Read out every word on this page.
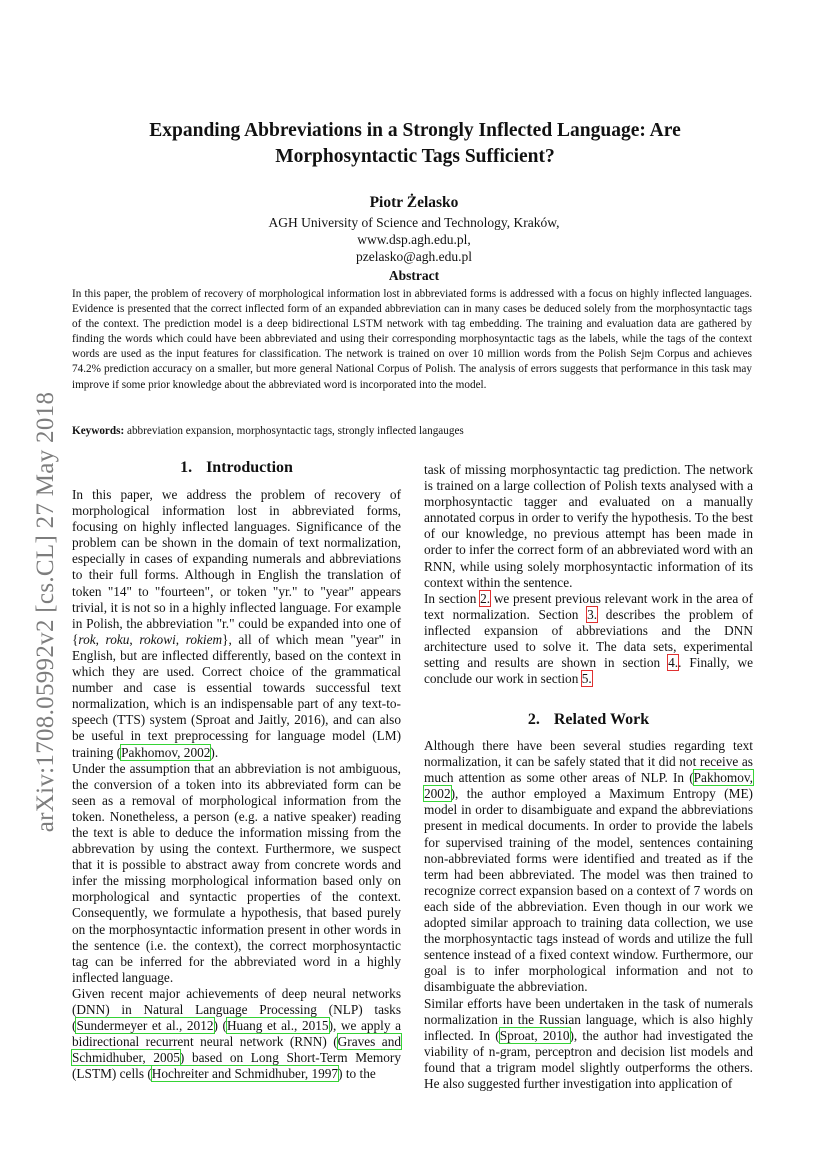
arXiv:1708.05992v2 [cs.CL] 27 May 2018
Expanding Abbreviations in a Strongly Inflected Language: Are
Morphosyntactic Tags Sufficient?
Piotr Żelasko
AGH University of Science and Technology, Kraków,
www.dsp.agh.edu.pl,
pzelasko@agh.edu.pl
Abstract
In this paper, the problem of recovery of morphological information lost in abbreviated forms is addressed with a focus on highly inflected languages. Evidence is presented that the correct inflected form of an expanded abbreviation can in many cases be deduced solely from the morphosyntactic tags of the context. The prediction model is a deep bidirectional LSTM network with tag embedding. The training and evaluation data are gathered by finding the words which could have been abbreviated and using their corresponding morphosyntactic tags as the labels, while the tags of the context words are used as the input features for classification. The network is trained on over 10 million words from the Polish Sejm Corpus and achieves 74.2% prediction accuracy on a smaller, but more general National Corpus of Polish. The analysis of errors suggests that performance in this task may improve if some prior knowledge about the abbreviated word is incorporated into the model.
Keywords: abbreviation expansion, morphosyntactic tags, strongly inflected langauges
1. Introduction

In this paper, we address the problem of recovery of morphological information lost in abbreviated forms, focusing on highly inflected languages. Significance of the problem can be shown in the domain of text normalization, especially in cases of expanding numerals and abbreviations to their full forms. Although in English the translation of token "14" to "fourteen", or token "yr." to "year" appears trivial, it is not so in a highly inflected language. For example in Polish, the abbreviation "r." could be expanded into one of {rok, roku, rokowi, rokiem}, all of which mean "year" in English, but are inflected differently, based on the context in which they are used. Correct choice of the grammatical number and case is essential towards successful text normalization, which is an indispensable part of any text-to-speech (TTS) system (Sproat and Jaitly, 2016), and can also be useful in text preprocessing for language model (LM) training (Pakhomov, 2002).

Under the assumption that an abbreviation is not ambiguous, the conversion of a token into its abbreviated form can be seen as a removal of morphological information from the token. Nonetheless, a person (e.g. a native speaker) reading the text is able to deduce the information missing from the abbrevation by using the context. Furthermore, we suspect that it is possible to abstract away from concrete words and infer the missing morphological information based only on morphological and syntactic properties of the context. Consequently, we formulate a hypothesis, that based purely on the morphosyntactic information present in other words in the sentence (i.e. the context), the correct morphosyntactic tag can be inferred for the abbreviated word in a highly inflected language.

Given recent major achievements of deep neural networks (DNN) in Natural Language Processing (NLP) tasks (Sundermeyer et al., 2012) (Huang et al., 2015), we apply a bidirectional recurrent neural network (RNN) (Graves and Schmidhuber, 2005) based on Long Short-Term Memory (LSTM) cells (Hochreiter and Schmidhuber, 1997) to the

task of missing morphosyntactic tag prediction. The network is trained on a large collection of Polish texts analysed with a morphosyntactic tagger and evaluated on a manually annotated corpus in order to verify the hypothesis. To the best of our knowledge, no previous attempt has been made in order to infer the correct form of an abbreviated word with an RNN, while using solely morphosyntactic information of its context within the sentence.

In section 2. we present previous relevant work in the area of text normalization. Section 3. describes the problem of inflected expansion of abbreviations and the DNN architecture used to solve it. The data sets, experimental setting and results are shown in section 4.. Finally, we conclude our work in section 5.

2. Related Work

Although there have been several studies regarding text normalization, it can be safely stated that it did not receive as much attention as some other areas of NLP. In (Pakhomov, 2002), the author employed a Maximum Entropy (ME) model in order to disambiguate and expand the abbreviations present in medical documents. In order to provide the labels for supervised training of the model, sentences containing non-abbreviated forms were identified and treated as if the term had been abbreviated. The model was then trained to recognize correct expansion based on a context of 7 words on each side of the abbreviation. Even though in our work we adopted similar approach to training data collection, we use the morphosyntactic tags instead of words and utilize the full sentence instead of a fixed context window. Furthermore, our goal is to infer morphological information and not to disambiguate the abbreviation.

Similar efforts have been undertaken in the task of numerals normalization in the Russian language, which is also highly inflected. In (Sproat, 2010), the author had investigated the viability of n-gram, perceptron and decision list models and found that a trigram model slightly outperforms the others. He also suggested further investigation into application of
